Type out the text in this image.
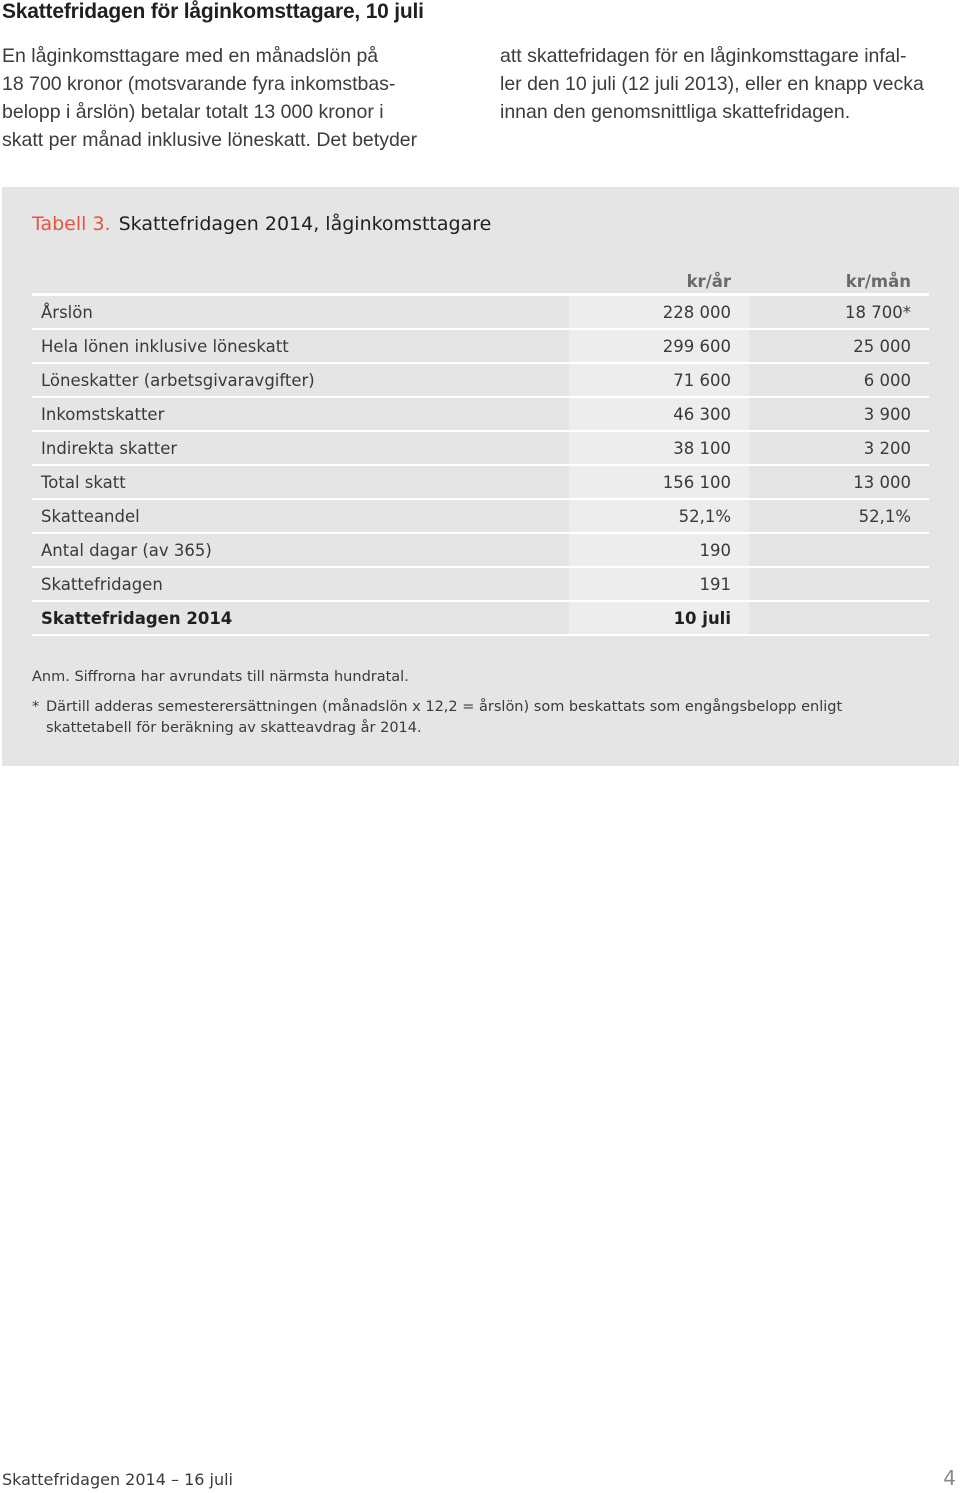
Skattefridagen för låginkomsttagare, 10 juli
En låginkomsttagare med en månadslön på
18 700 kronor (motsvarande fyra inkomstbas-
belopp i årslön) betalar totalt 13 000 kronor i
skatt per månad inklusive löneskatt. Det betyder
att skattefridagen för en låginkomsttagare infal-
ler den 10 juli (12 juli 2013), eller en knapp vecka
innan den genomsnittliga skattefridagen.
Tabell 3. Skattefridagen 2014, låginkomsttagare
	kr/år	kr/mån
Årslön	228 000	18 700*
Hela lönen inklusive löneskatt	299 600	25 000
Löneskatter (arbetsgivaravgifter)	71 600	6 000
Inkomstskatter	46 300	3 900
Indirekta skatter	38 100	3 200
Total skatt	156 100	13 000
Skatteandel	52,1%	52,1%
Antal dagar (av 365)	190	
Skattefridagen	191	
Skattefridagen 2014	10 juli	
Anm. Siffrorna har avrundats till närmsta hundratal.
* Därtill adderas semesterersättningen (månadslön x 12,2 = årslön) som beskattats som engångsbelopp enligt
skattetabell för beräkning av skatteavdrag år 2014.
Skattefridagen 2014 – 16 juli	4
